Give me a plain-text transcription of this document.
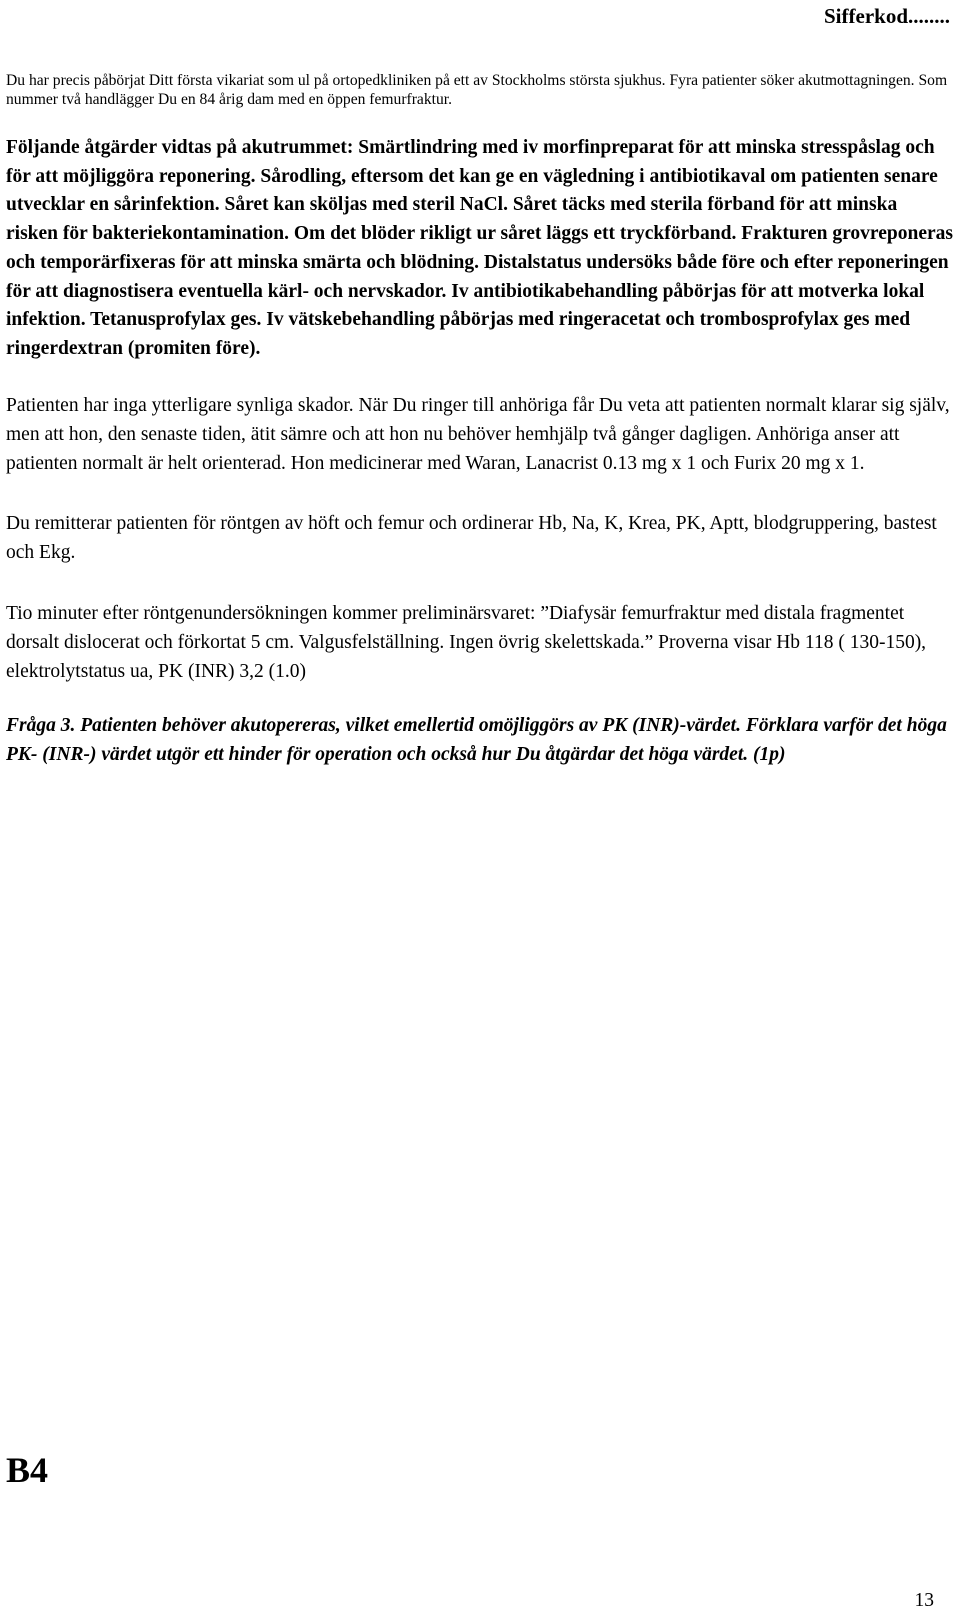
Sifferkod........

Du har precis påbörjat Ditt första vikariat som ul på ortopedkliniken på ett av Stockholms största sjukhus. Fyra patienter söker akutmottagningen. Som nummer två handlägger Du en 84 årig dam med en öppen femurfraktur.

Följande åtgärder vidtas på akutrummet: Smärtlindring med iv morfinpreparat för att minska stresspåslag och för att möjliggöra reponering. Sårodling, eftersom det kan ge en vägledning i antibiotikaval om patienten senare utvecklar en sårinfektion. Såret kan sköljas med steril NaCl. Såret täcks med sterila förband för att minska risken för bakteriekontamination. Om det blöder rikligt ur såret läggs ett tryckförband. Frakturen grovreponeras och temporärfixeras för att minska smärta och blödning. Distalstatus undersöks både före och efter reponeringen för att diagnostisera eventuella kärl- och nervskador. Iv antibiotikabehandling påbörjas för att motverka lokal infektion. Tetanusprofylax ges. Iv vätskebehandling påbörjas med ringeracetat och trombosprofylax ges med ringerdextran (promiten före).

Patienten har inga ytterligare synliga skador. När Du ringer till anhöriga får Du veta att patienten normalt klarar sig själv, men att hon, den senaste tiden, ätit sämre och att hon nu behöver hemhjälp två gånger dagligen. Anhöriga anser att patienten normalt är helt orienterad. Hon medicinerar med Waran, Lanacrist 0.13 mg x 1 och Furix 20 mg x 1.

Du remitterar patienten för röntgen av höft och femur och ordinerar Hb, Na, K, Krea, PK, Aptt, blodgruppering, bastest och Ekg.

Tio minuter efter röntgenundersökningen kommer preliminärsvaret: ”Diafysär femurfraktur med distala fragmentet dorsalt dislocerat och förkortat 5 cm. Valgusfelställning. Ingen övrig skelettskada.” Proverna visar Hb 118 ( 130-150), elektrolytstatus ua, PK (INR) 3,2 (1.0)

Fråga 3. Patienten behöver akutopereras, vilket emellertid omöjliggörs av PK (INR)-värdet. Förklara varför det höga PK- (INR-) värdet utgör ett hinder för operation och också hur Du åtgärdar det höga värdet. (1p)

B4
13
